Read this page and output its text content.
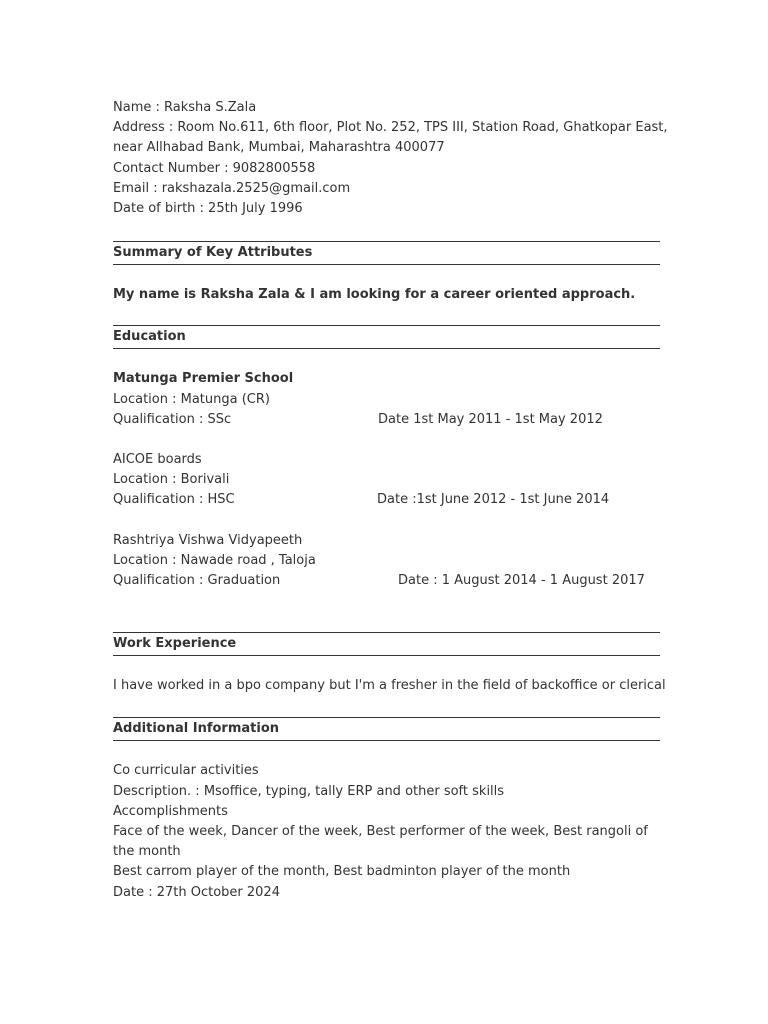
Name : Raksha S.Zala
Address : Room No.611, 6th floor, Plot No. 252, TPS III, Station Road, Ghatkopar East,
near Allhabad Bank, Mumbai, Maharashtra 400077
Contact Number : 9082800558
Email : rakshazala.2525@gmail.com
Date of birth : 25th July 1996
Summary of Key Attributes
My name is Raksha Zala & I am looking for a career oriented approach.
Education
Matunga Premier School
Location : Matunga (CR)
Qualification : SSc	Date 1st May 2011 - 1st May 2012
AICOE boards
Location : Borivali
Qualification : HSC	Date :1st June 2012 - 1st June 2014
Rashtriya Vishwa Vidyapeeth
Location : Nawade road , Taloja
Qualification : Graduation	Date : 1 August 2014 - 1 August 2017
Work Experience
I have worked in a bpo company but I'm a fresher in the field of backoffice or clerical
Additional Information
Co curricular activities
Description. : Msoffice, typing, tally ERP and other soft skills
Accomplishments
Face of the week, Dancer of the week, Best performer of the week, Best rangoli of the month
Best carrom player of the month, Best badminton player of the month
Date : 27th October 2024
